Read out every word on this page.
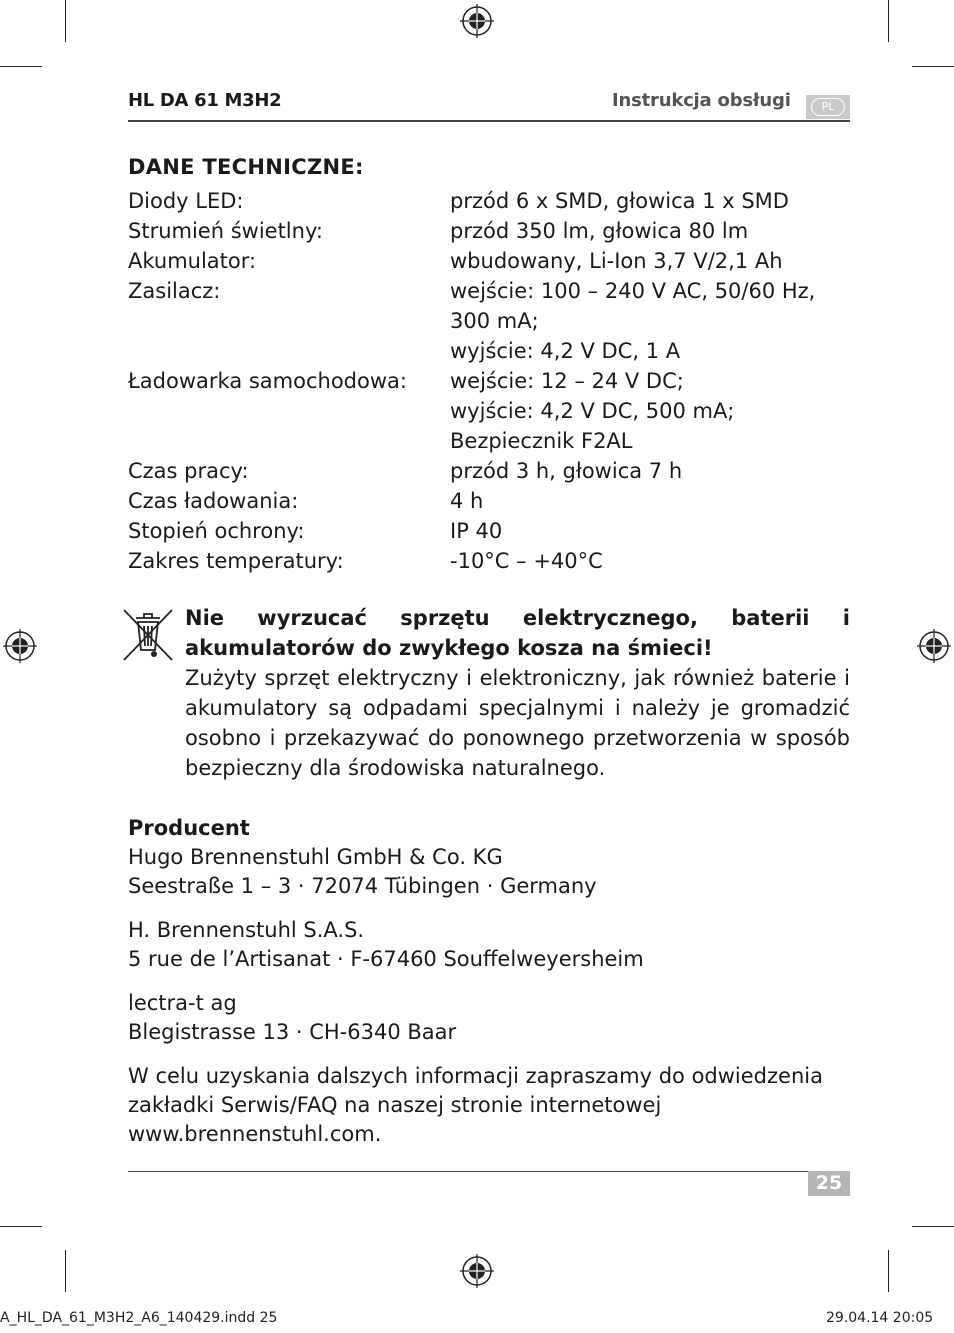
HL DA 61 M3H2	Instrukcja obsługi	PL
DANE TECHNICZNE:
Diody LED:	przód 6 x SMD, głowica 1 x SMD
Strumień świetlny:	przód 350 lm, głowica 80 lm
Akumulator:	wbudowany, Li-Ion 3,7 V/2,1 Ah
Zasilacz:	wejście: 100 – 240 V AC, 50/60 Hz,
300 mA;
wyjście: 4,2 V DC, 1 A
Ładowarka samochodowa:	wejście: 12 – 24 V DC;
wyjście: 4,2 V DC, 500 mA;
Bezpiecznik F2AL
Czas pracy:	przód 3 h, głowica 7 h
Czas ładowania:	4 h
Stopień ochrony:	IP 40
Zakres temperatury:	-10°C – +40°C
Nie wyrzucać sprzętu elektrycznego, baterii i akumulatorów do zwykłego kosza na śmieci!
Zużyty sprzęt elektryczny i elektroniczny, jak również baterie i akumulatory są odpadami specjalnymi i należy je gromadzić osobno i przekazywać do ponownego przetworzenia w sposób bezpieczny dla środowiska naturalnego.

Producent

Hugo Brennenstuhl GmbH & Co. KG

Seestraße 1 – 3 · 72074 Tübingen · Germany

H. Brennenstuhl S.A.S.

5 rue de l’Artisanat · F-67460 Souffelweyersheim

lectra-t ag

Blegistrasse 13 · CH-6340 Baar

W celu uzyskania dalszych informacji zapraszamy do odwiedzenia

zakładki Serwis/FAQ na naszej stronie internetowej

www.brennenstuhl.com.

25
A_HL_DA_61_M3H2_A6_140429.indd 25	29.04.14 20:05
